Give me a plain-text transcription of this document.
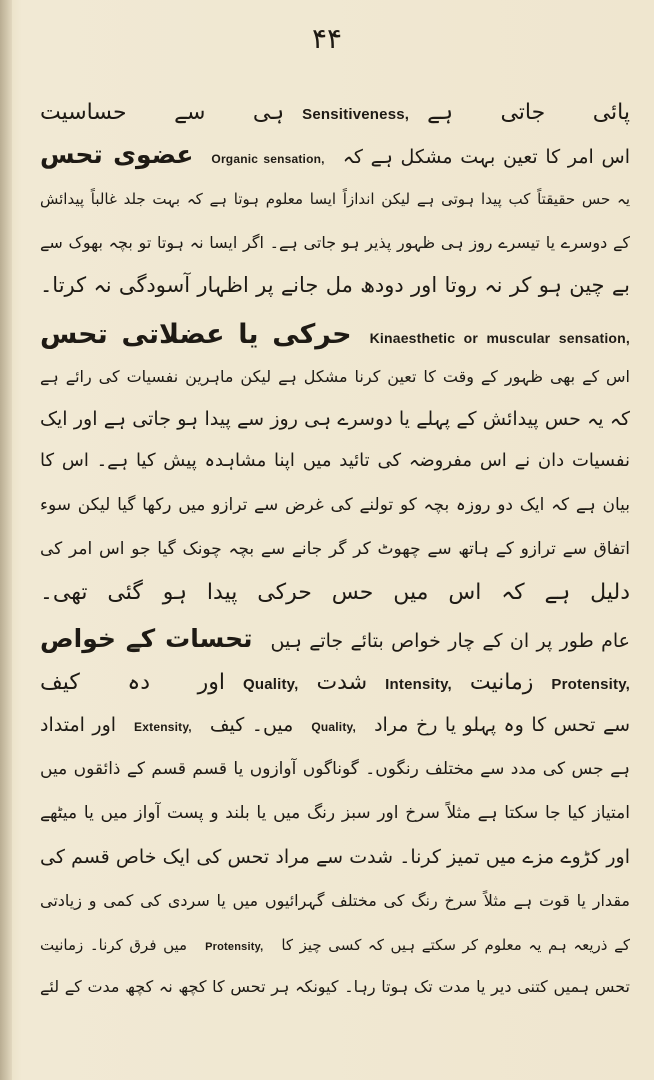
۴۴
ہی سے حساسیت Sensitiveness, پائی جاتی ہے
عضوی تحس Organic sensation, اس امر کا تعین بہت مشکل ہے کہ
یہ حس حقیقتاً کب پیدا ہوتی ہے لیکن اندازاً ایسا معلوم ہوتا ہے کہ بہت جلد غالباً پیدائش
کے دوسرے یا تیسرے روز ہی ظہور پذیر ہو جاتی ہے۔ اگر ایسا نہ ہوتا تو بچہ بھوک سے
بے چین ہو کر نہ روتا اور دودھ مل جانے پر اظہار آسودگی نہ کرتا۔
حرکی یا عضلاتی تحس Kinaesthetic or muscular sensation,
اس کے بھی ظہور کے وقت کا تعین کرنا مشکل ہے لیکن ماہرین نفسیات کی رائے ہے
کہ یہ حس پیدائش کے پہلے یا دوسرے ہی روز سے پیدا ہو جاتی ہے اور ایک
نفسیات دان نے اس مفروضہ کی تائید میں اپنا مشاہدہ پیش کیا ہے۔ اس کا
بیان ہے کہ ایک دو روزہ بچہ کو تولنے کی غرض سے ترازو میں رکھا گیا لیکن سوء
اتفاق سے ترازو کے ہاتھ سے چھوٹ کر گر جانے سے بچہ چونک گیا جو اس امر کی
دلیل ہے کہ اس میں حس حرکی پیدا ہو گئی تھی۔
تحسات کے خواص عام طور پر ان کے چار خواص بتائے جاتے ہیں
اور دہ کیف Quality, شدت Intensity, زمانیت Protensity,
اور امتداد Extensity, میں۔ کیف Quality, سے تحس کا وہ پہلو یا رخ مراد
ہے جس کی مدد سے مختلف رنگوں۔ گوناگوں آوازوں یا قسم قسم کے ذائقوں میں
امتیاز کیا جا سکتا ہے مثلاً سرخ اور سبز رنگ میں یا بلند و پست آواز میں یا میٹھے
اور کڑوے مزے میں تمیز کرنا۔ شدت سے مراد تحس کی ایک خاص قسم کی
مقدار یا قوت ہے مثلاً سرخ رنگ کی مختلف گہرائیوں میں یا سردی کی کمی و زیادتی
میں فرق کرنا۔ زمانیت Protensity, کے ذریعہ ہم یہ معلوم کر سکتے ہیں کہ کسی چیز کا
تحس ہمیں کتنی دیر یا مدت تک ہوتا رہا۔ کیونکہ ہر تحس کا کچھ نہ کچھ مدت کے لئے
